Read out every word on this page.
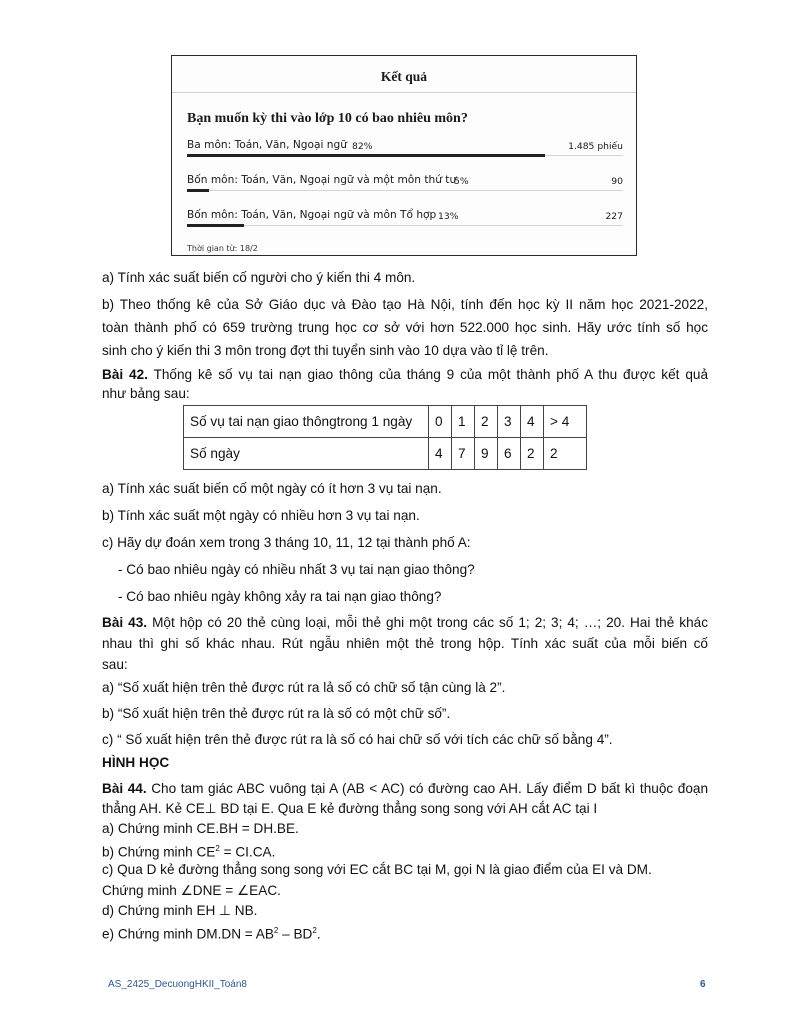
Kết quả
Bạn muốn kỳ thi vào lớp 10 có bao nhiêu môn?
Ba môn: Toán, Văn, Ngoại ngữ 82%	1.485 phiếu
Bốn môn: Toán, Văn, Ngoại ngữ và một môn thứ tư
5%	90
Bốn môn: Toán, Văn, Ngoại ngữ và môn Tổ hợp 13%	227
Thời gian từ: 18/2
a) Tính xác suất biến cố người cho ý kiến thi 4 môn.
b) Theo thống kê của Sở Giáo dục và Đào tạo Hà Nội, tính đến học kỳ II năm học 2021-2022,
toàn thành phố có 659 trường trung học cơ sở với hơn 522.000 học sinh. Hãy ước tính số học
sinh cho ý kiến thi 3 môn trong đợt thi tuyển sinh vào 10 dựa vào tỉ lệ trên.
Bài 42. Thống kê số vụ tai nạn giao thông của tháng 9 của một thành phố A thu được kết quả
như bảng sau:
Số vụ tai nạn giao thôngtrong 1 ngày	0	1	2	3	4	> 4
Số ngày	4	7	9	6	2	2
a) Tính xác suất biến cố một ngày có ít hơn 3 vụ tai nạn.
b) Tính xác suất một ngày có nhiều hơn 3 vụ tai nạn.
c) Hãy dự đoán xem trong 3 tháng 10, 11, 12 tại thành phố A:
- Có bao nhiêu ngày có nhiều nhất 3 vụ tai nạn giao thông?
- Có bao nhiêu ngày không xảy ra tai nạn giao thông?
Bài 43. Một hộp có 20 thẻ cùng loại, mỗi thẻ ghi một trong các số 1; 2; 3; 4; …; 20. Hai thẻ khác
nhau thì ghi số khác nhau. Rút ngẫu nhiên một thẻ trong hộp. Tính xác suất của mỗi biến cố
sau:
a) “Số xuất hiện trên thẻ được rút ra lả số có chữ số tận cùng là 2”.
b) “Số xuất hiện trên thẻ được rút ra là số có một chữ số”.
c) “ Số xuất hiện trên thẻ được rút ra là số có hai chữ số với tích các chữ số bằng 4”.
HÌNH HỌC
Bài 44. Cho tam giác ABC vuông tại A (AB < AC) có đường cao AH. Lấy điểm D bất kì thuộc đoạn
thẳng AH. Kẻ CE⊥ BD tại E. Qua E kẻ đường thẳng song song với AH cắt AC tại I
a) Chứng minh CE.BH = DH.BE.
b) Chứng minh $CE^2 = CI.CA$.
c) Qua D kẻ đường thẳng song song với EC cắt BC tại M, gọi N là giao điểm của EI và DM.
Chứng minh ∠DNE = ∠EAC.
d) Chứng minh EH ⊥ NB.
e) Chứng minh $DM.DN = AB^2 - BD^2$.
AS_2425_DecuongHKII_Toán8	6
